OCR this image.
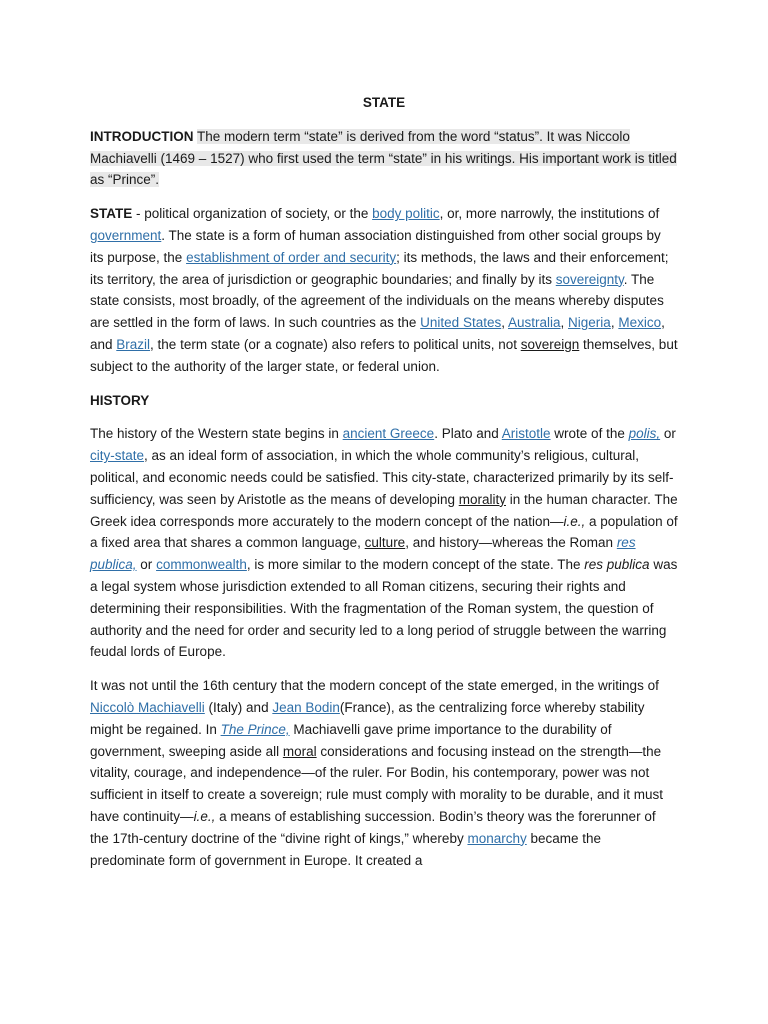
STATE

INTRODUCTION The modern term “state” is derived from the word “status”. It was Niccolo Machiavelli (1469 – 1527) who first used the term “state” in his writings. His important work is titled as “Prince”.

STATE - political organization of society, or the body politic, or, more narrowly, the institutions of government. The state is a form of human association distinguished from other social groups by its purpose, the establishment of order and security; its methods, the laws and their enforcement; its territory, the area of jurisdiction or geographic boundaries; and finally by its sovereignty. The state consists, most broadly, of the agreement of the individuals on the means whereby disputes are settled in the form of laws. In such countries as the United States, Australia, Nigeria, Mexico, and Brazil, the term state (or a cognate) also refers to political units, not sovereign themselves, but subject to the authority of the larger state, or federal union.

HISTORY

The history of the Western state begins in ancient Greece. Plato and Aristotle wrote of the polis, or city-state, as an ideal form of association, in which the whole community’s religious, cultural, political, and economic needs could be satisfied. This city-state, characterized primarily by its self-sufficiency, was seen by Aristotle as the means of developing morality in the human character. The Greek idea corresponds more accurately to the modern concept of the nation—i.e., a population of a fixed area that shares a common language, culture, and history—whereas the Roman res publica, or commonwealth, is more similar to the modern concept of the state. The res publica was a legal system whose jurisdiction extended to all Roman citizens, securing their rights and determining their responsibilities. With the fragmentation of the Roman system, the question of authority and the need for order and security led to a long period of struggle between the warring feudal lords of Europe.

It was not until the 16th century that the modern concept of the state emerged, in the writings of Niccolò Machiavelli (Italy) and Jean Bodin(France), as the centralizing force whereby stability might be regained. In The Prince, Machiavelli gave prime importance to the durability of government, sweeping aside all moral considerations and focusing instead on the strength—the vitality, courage, and independence—of the ruler. For Bodin, his contemporary, power was not sufficient in itself to create a sovereign; rule must comply with morality to be durable, and it must have continuity—i.e., a means of establishing succession. Bodin’s theory was the forerunner of the 17th-century doctrine of the “divine right of kings,” whereby monarchy became the predominate form of government in Europe. It created a
